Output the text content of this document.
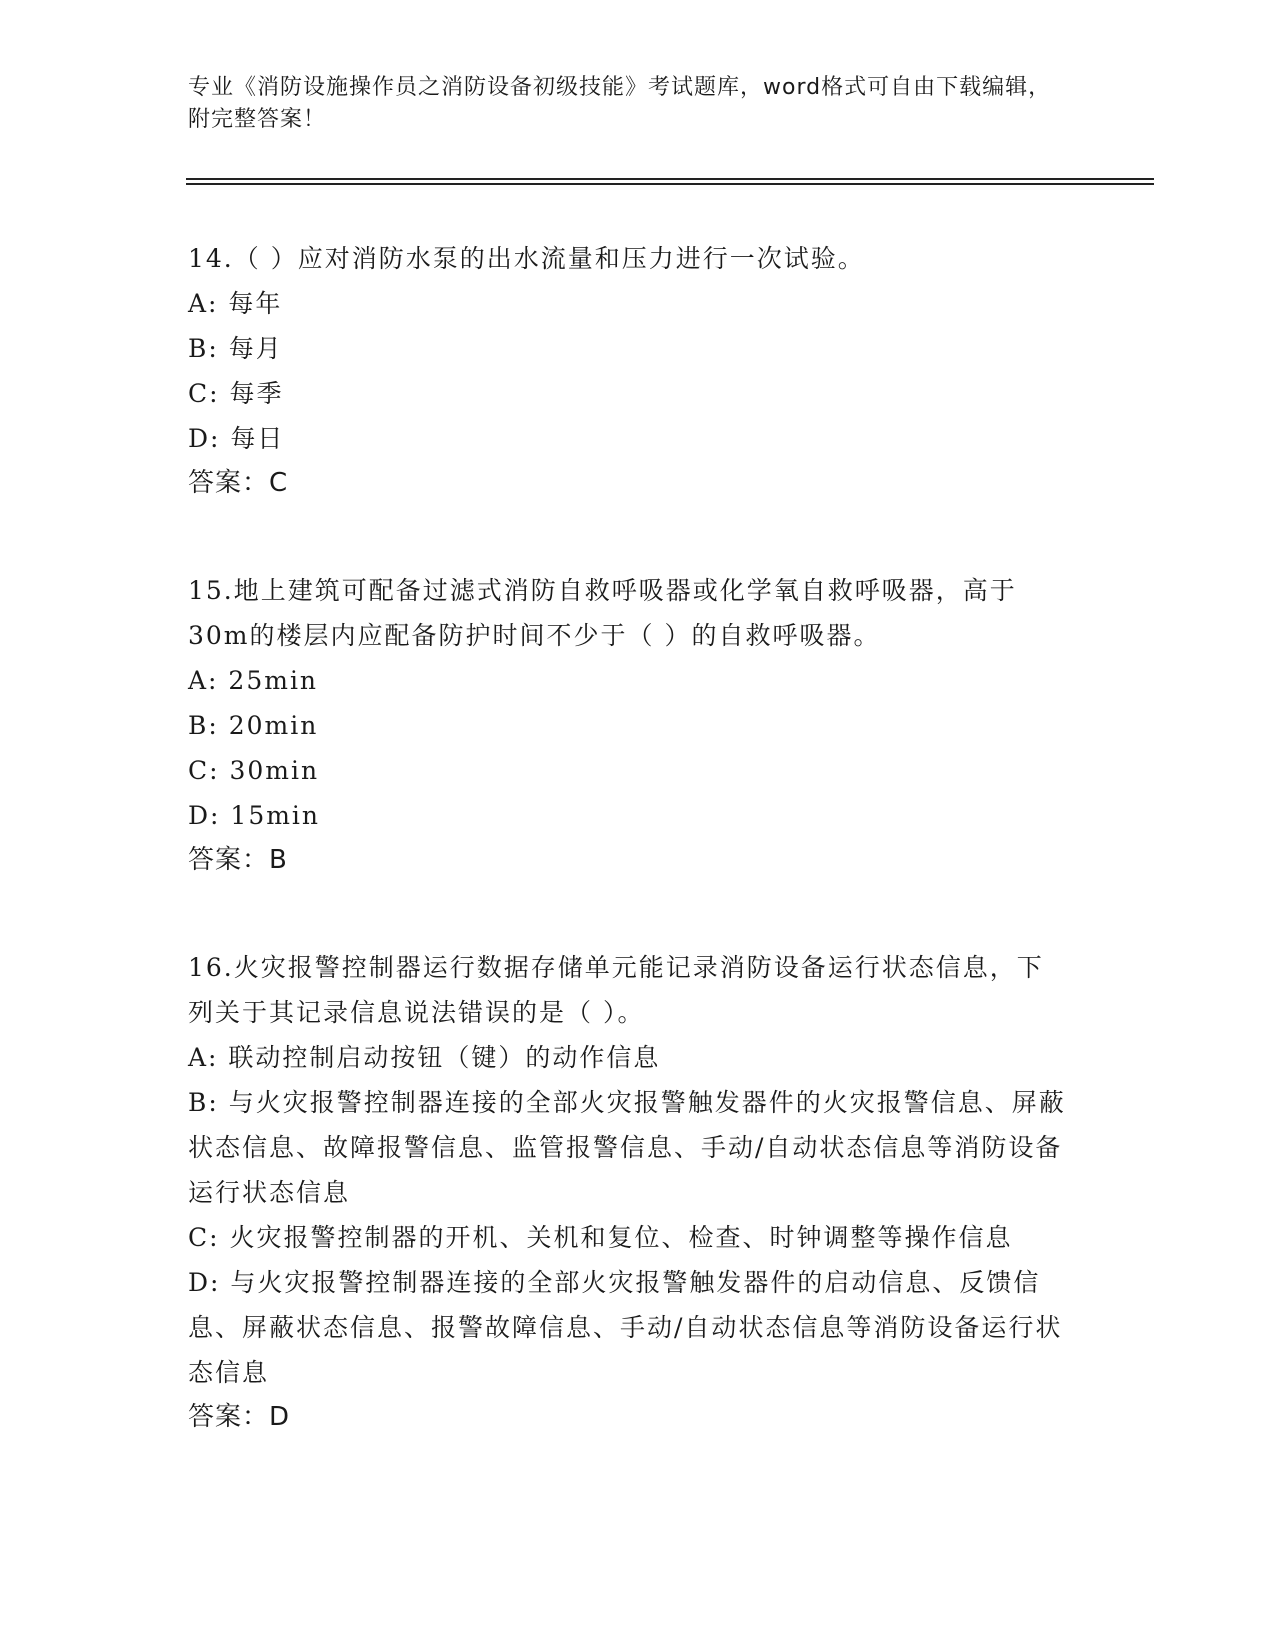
专业《消防设施操作员之消防设备初级技能》考试题库，word格式可自由下载编辑，附完整答案！
14.（ ）应对消防水泵的出水流量和压力进行一次试验。
A: 每年
B: 每月
C: 每季
D: 每日
答案：C
15.地上建筑可配备过滤式消防自救呼吸器或化学氧自救呼吸器，高于30m的楼层内应配备防护时间不少于（ ）的自救呼吸器。
A: 25min
B: 20min
C: 30min
D: 15min
答案：B
16.火灾报警控制器运行数据存储单元能记录消防设备运行状态信息，下列关于其记录信息说法错误的是（ ）。
A: 联动控制启动按钮（键）的动作信息
B: 与火灾报警控制器连接的全部火灾报警触发器件的火灾报警信息、屏蔽状态信息、故障报警信息、监管报警信息、手动/自动状态信息等消防设备运行状态信息
C: 火灾报警控制器的开机、关机和复位、检查、时钟调整等操作信息
D: 与火灾报警控制器连接的全部火灾报警触发器件的启动信息、反馈信息、屏蔽状态信息、报警故障信息、手动/自动状态信息等消防设备运行状态信息
答案：D
